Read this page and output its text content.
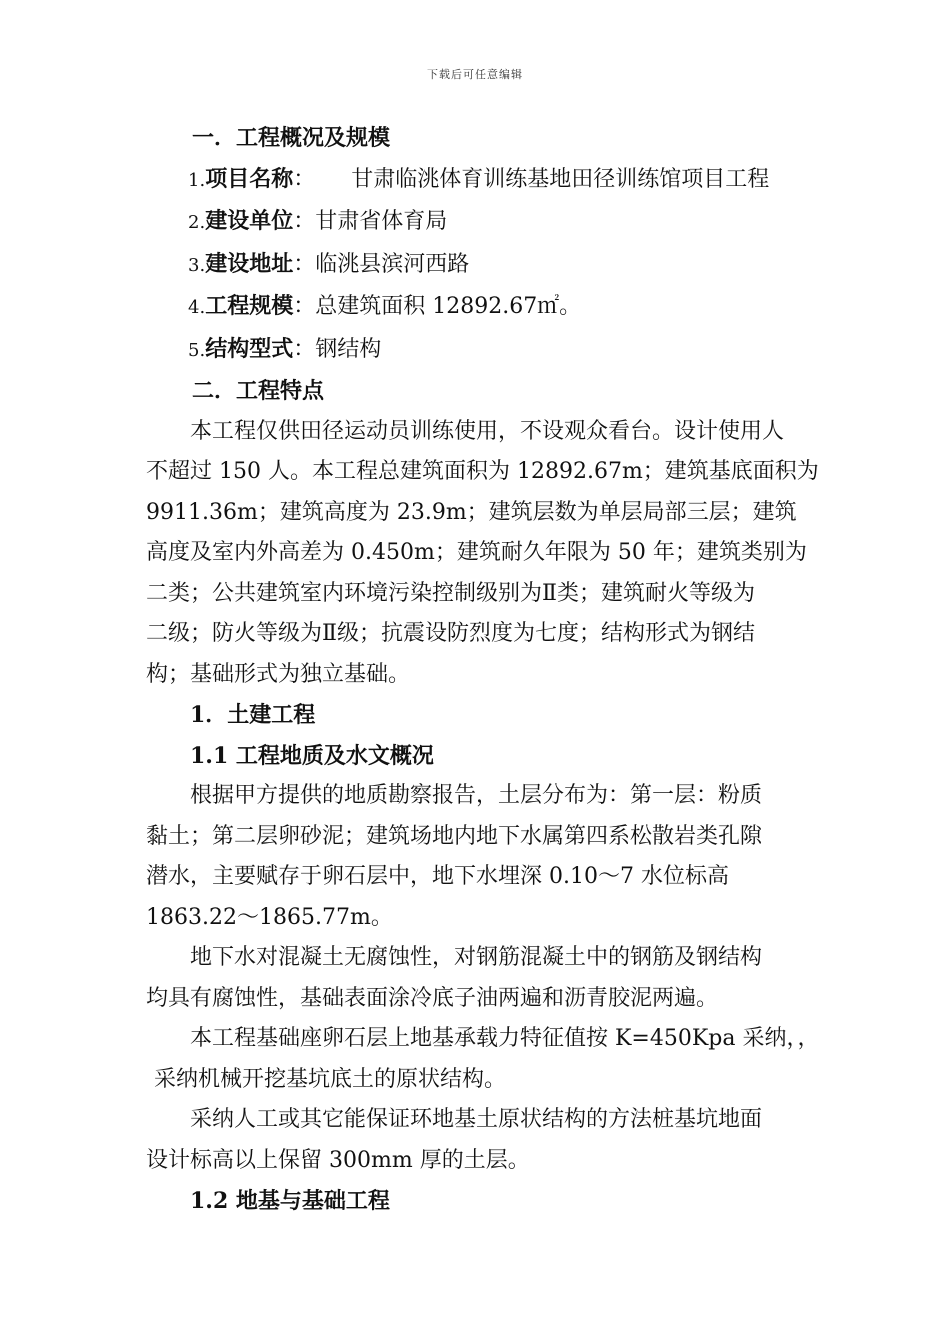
下载后可任意编辑
一．工程概况及规模
1.项目名称： 甘肃临洮体育训练基地田径训练馆项目工程
2.建设单位：甘肃省体育局
3.建设地址：临洮县滨河西路
4.工程规模：总建筑面积 12892.67㎡。
5.结构型式：钢结构
二．工程特点
本工程仅供田径运动员训练使用，不设观众看台。设计使用人
不超过 150 人。本工程总建筑面积为 12892.67m；建筑基底面积为
9911.36m；建筑高度为 23.9m；建筑层数为单层局部三层；建筑
高度及室内外高差为 0.450m；建筑耐久年限为 50 年；建筑类别为
二类；公共建筑室内环境污染控制级别为Ⅱ类；建筑耐火等级为
二级；防火等级为Ⅱ级；抗震设防烈度为七度；结构形式为钢结
构；基础形式为独立基础。
1．土建工程
1.1 工程地质及水文概况
根据甲方提供的地质勘察报告，土层分布为：第一层：粉质
黏土；第二层卵砂泥；建筑场地内地下水属第四系松散岩类孔隙
潜水，主要赋存于卵石层中，地下水埋深 0.10～7 水位标高
1863.22～1865.77m。
地下水对混凝土无腐蚀性，对钢筋混凝土中的钢筋及钢结构
均具有腐蚀性，基础表面涂冷底子油两遍和沥青胶泥两遍。
本工程基础座卵石层上地基承载力特征值按 K=450Kpa 采纳，，
采纳机械开挖基坑底土的原状结构。
采纳人工或其它能保证环地基土原状结构的方法桩基坑地面
设计标高以上保留 300mm 厚的土层。
1.2 地基与基础工程
